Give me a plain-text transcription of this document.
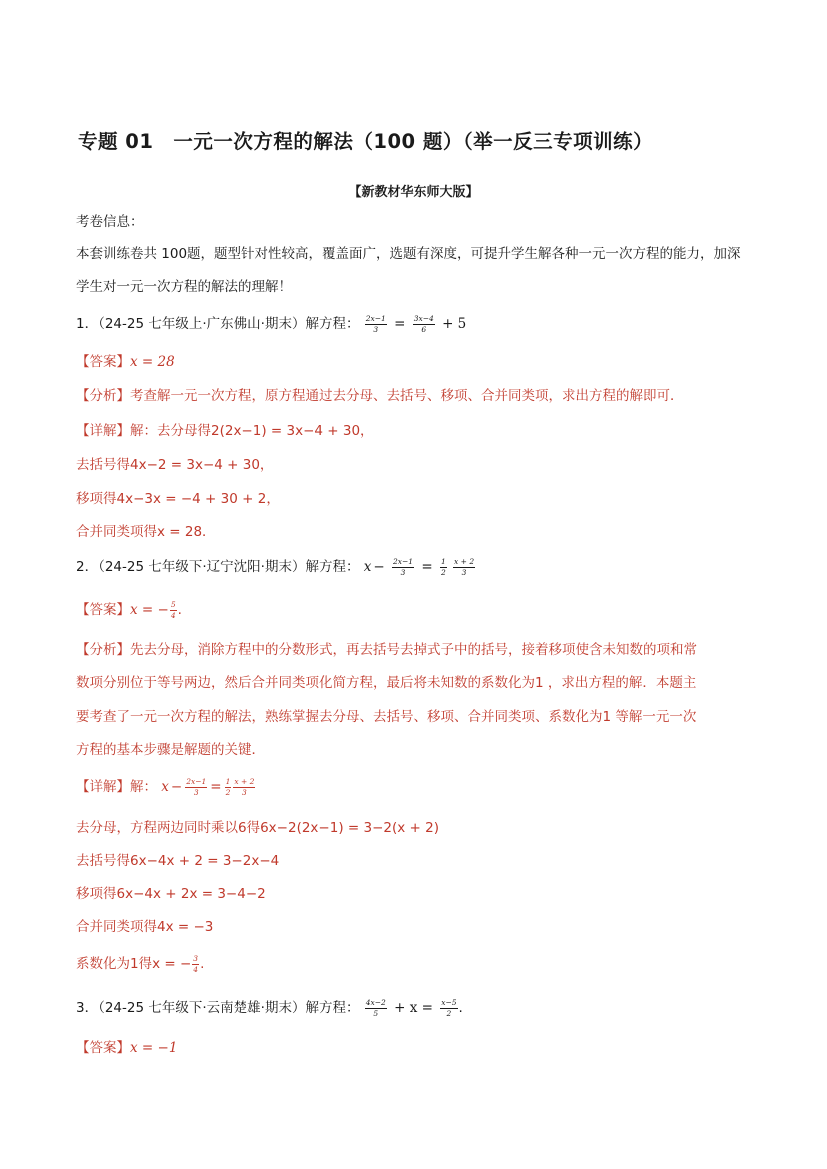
专题 01　一元一次方程的解法（100 题）（举一反三专项训练）
【新教材华东师大版】
考卷信息：
本套训练卷共 100题，题型针对性较高，覆盖面广，选题有深度，可提升学生解各种一元一次方程的能力，加深
学生对一元一次方程的解法的理解！
1．（24-25 七年级上·广东佛山·期末）解方程： $\frac{2x-1}{3} = \frac{3x-4}{6} + 5$
【答案】x = 28
【分析】考查解一元一次方程，原方程通过去分母、去括号、移项、合并同类项，求出方程的解即可．
【详解】解：去分母得2(2x−1) = 3x−4 + 30，
去括号得4x−2 = 3x−4 + 30，
移项得4x−3x = −4 + 30 + 2，
合并同类项得x = 28．
2．（24-25 七年级下·辽宁沈阳·期末）解方程： $x - \frac{2x-1}{3} = \frac{1}{2}$
$\frac{x + 2}{3}$
【答案】x = − $\frac{5}{4}$ .
【分析】先去分母，消除方程中的分数形式，再去括号去掉式子中的括号，接着移项使含未知数的项和常
数项分别位于等号两边，然后合并同类项化简方程，最后将未知数的系数化为1 ，求出方程的解．本题主
要考查了一元一次方程的解法，熟练掌握去分母、去括号、移项、合并同类项、系数化为1 等解一元一次
方程的基本步骤是解题的关键．
【详解】解： $x - \frac{2x-1}{3} = \frac{1}{2} \frac{x + 2}{3}$
去分母，方程两边同时乘以6得6x−2(2x−1) = 3−2(x + 2)
去括号得6x−4x + 2 = 3−2x−4
移项得6x−4x + 2x = 3−4−2
合并同类项得4x = −3
系数化为1得x = − $\frac{3}{4}$ .
3．（24-25 七年级下·云南楚雄·期末）解方程： $\frac{4x-2}{5} + x = \frac{x-5}{2}$ .
【答案】x = −1
